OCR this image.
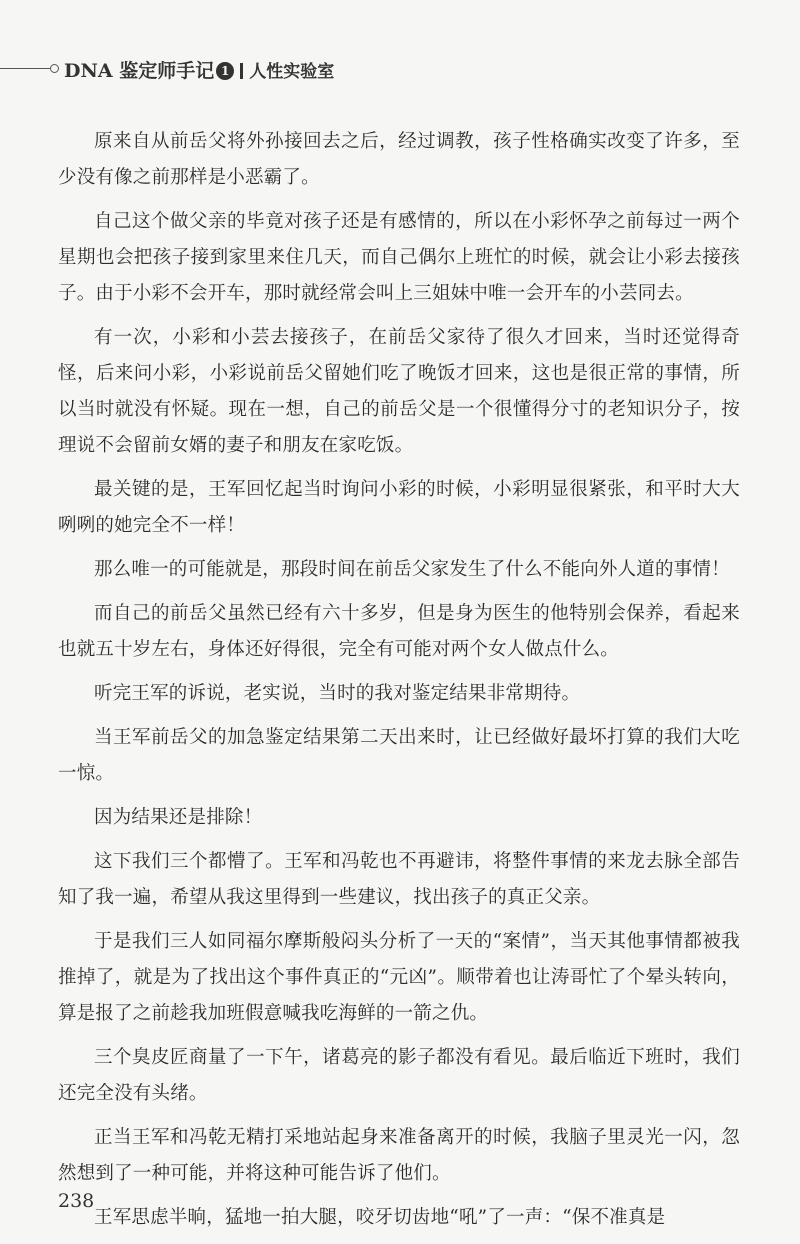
DNA 鉴定师手记 1 人性实验室

原来自从前岳父将外孙接回去之后，经过调教，孩子性格确实改变了许多，至少没有像之前那样是小恶霸了。

自己这个做父亲的毕竟对孩子还是有感情的，所以在小彩怀孕之前每过一两个星期也会把孩子接到家里来住几天，而自己偶尔上班忙的时候，就会让小彩去接孩子。由于小彩不会开车，那时就经常会叫上三姐妹中唯一会开车的小芸同去。

有一次，小彩和小芸去接孩子，在前岳父家待了很久才回来，当时还觉得奇怪，后来问小彩，小彩说前岳父留她们吃了晚饭才回来，这也是很正常的事情，所以当时就没有怀疑。现在一想，自己的前岳父是一个很懂得分寸的老知识分子，按理说不会留前女婿的妻子和朋友在家吃饭。

最关键的是，王军回忆起当时询问小彩的时候，小彩明显很紧张，和平时大大咧咧的她完全不一样！

那么唯一的可能就是，那段时间在前岳父家发生了什么不能向外人道的事情！

而自己的前岳父虽然已经有六十多岁，但是身为医生的他特别会保养，看起来也就五十岁左右，身体还好得很，完全有可能对两个女人做点什么。

听完王军的诉说，老实说，当时的我对鉴定结果非常期待。

当王军前岳父的加急鉴定结果第二天出来时，让已经做好最坏打算的我们大吃一惊。

因为结果还是排除！

这下我们三个都懵了。王军和冯乾也不再避讳，将整件事情的来龙去脉全部告知了我一遍，希望从我这里得到一些建议，找出孩子的真正父亲。

于是我们三人如同福尔摩斯般闷头分析了一天的“案情”，当天其他事情都被我推掉了，就是为了找出这个事件真正的“元凶”。顺带着也让涛哥忙了个晕头转向，算是报了之前趁我加班假意喊我吃海鲜的一箭之仇。

三个臭皮匠商量了一下午，诸葛亮的影子都没有看见。最后临近下班时，我们还完全没有头绪。

正当王军和冯乾无精打采地站起身来准备离开的时候，我脑子里灵光一闪，忽然想到了一种可能，并将这种可能告诉了他们。

王军思虑半晌，猛地一拍大腿，咬牙切齿地“吼”了一声：“保不准真是

238
